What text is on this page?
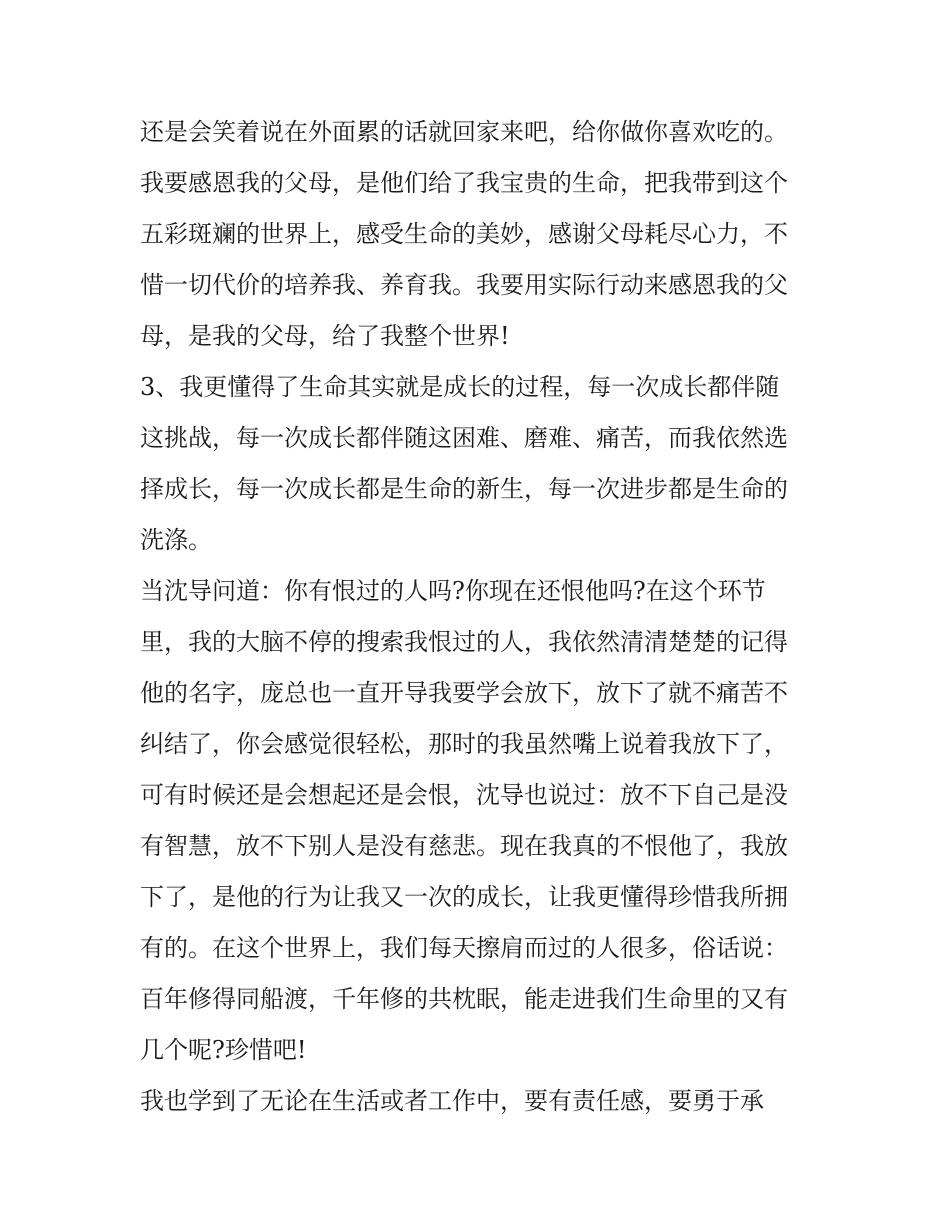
还是会笑着说在外面累的话就回家来吧，给你做你喜欢吃的。
我要感恩我的父母，是他们给了我宝贵的生命，把我带到这个
五彩斑斓的世界上，感受生命的美妙，感谢父母耗尽心力，不
惜一切代价的培养我、养育我。我要用实际行动来感恩我的父
母，是我的父母，给了我整个世界!
3、我更懂得了生命其实就是成长的过程，每一次成长都伴随
这挑战，每一次成长都伴随这困难、磨难、痛苦，而我依然选
择成长，每一次成长都是生命的新生，每一次进步都是生命的
洗涤。
当沈导问道：你有恨过的人吗?你现在还恨他吗?在这个环节
里，我的大脑不停的搜索我恨过的人，我依然清清楚楚的记得
他的名字，庞总也一直开导我要学会放下，放下了就不痛苦不
纠结了，你会感觉很轻松，那时的我虽然嘴上说着我放下了，
可有时候还是会想起还是会恨，沈导也说过：放不下自己是没
有智慧，放不下别人是没有慈悲。现在我真的不恨他了，我放
下了，是他的行为让我又一次的成长，让我更懂得珍惜我所拥
有的。在这个世界上，我们每天擦肩而过的人很多，俗话说：
百年修得同船渡，千年修的共枕眠，能走进我们生命里的又有
几个呢?珍惜吧!
我也学到了无论在生活或者工作中，要有责任感，要勇于承
